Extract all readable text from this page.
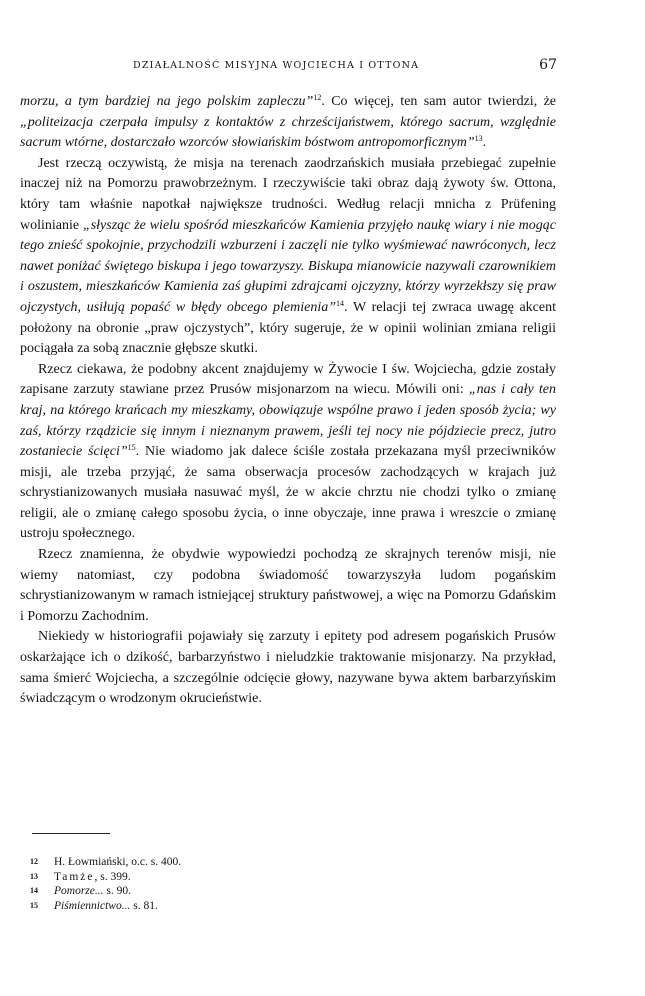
DZIAŁALNOŚĆ MISYJNA WOJCIECHA I OTTONA	67

morzu, a tym bardziej na jego polskim zapleczu”$^{12}$. Co więcej, ten sam autor twierdzi, że „politeizacja czerpała impulsy z kontaktów z chrześcijaństwem, którego sacrum, względnie sacrum wtórne, dostarczało wzorców słowiańskim bóstwom antropomorficznym”$^{13}$.

Jest rzeczą oczywistą, że misja na terenach zaodrzańskich musiała przebiegać zupełnie inaczej niż na Pomorzu prawobrzeżnym. I rzeczywiście taki obraz dają żywoty św. Ottona, który tam właśnie napotkał największe trudności. Według relacji mnicha z Prüfening wolinianie „słysząc że wielu spośród mieszkańców Kamienia przyjęło naukę wiary i nie mogąc tego znieść spokojnie, przychodzili wzburzeni i zaczęli nie tylko wyśmiewać nawróconych, lecz nawet poniżać świętego biskupa i jego towarzyszy. Biskupa mianowicie nazywali czarownikiem i oszustem, mieszkańców Kamienia zaś głupimi zdrajcami ojczyzny, którzy wyrzekłszy się praw ojczystych, usiłują popaść w błędy obcego plemienia”$^{14}$. W relacji tej zwraca uwagę akcent położony na obronie „praw ojczystych”, który sugeruje, że w opinii wolinian zmiana religii pociągała za sobą znacznie głębsze skutki.

Rzecz ciekawa, że podobny akcent znajdujemy w Żywocie I św. Wojciecha, gdzie zostały zapisane zarzuty stawiane przez Prusów misjonarzom na wiecu. Mówili oni: „nas i cały ten kraj, na którego krańcach my mieszkamy, obowiązuje wspólne prawo i jeden sposób życia; wy zaś, którzy rządzicie się innym i nieznanym prawem, jeśli tej nocy nie pójdziecie precz, jutro zostaniecie ścięci”$^{15}$. Nie wiadomo jak dalece ściśle została przekazana myśl przeciwników misji, ale trzeba przyjąć, że sama obserwacja procesów zachodzących w krajach już schrystianizowanych musiała nasuwać myśl, że w akcie chrztu nie chodzi tylko o zmianę religii, ale o zmianę całego sposobu życia, o inne obyczaje, inne prawa i wreszcie o zmianę ustroju społecznego.

Rzecz znamienna, że obydwie wypowiedzi pochodzą ze skrajnych terenów misji, nie wiemy natomiast, czy podobna świadomość towarzyszyła ludom pogańskim schrystianizowanym w ramach istniejącej struktury państwowej, a więc na Pomorzu Gdańskim i Pomorzu Zachodnim.

Niekiedy w historiografii pojawiały się zarzuty i epitety pod adresem pogańskich Prusów oskarżające ich o dzikość, barbarzyństwo i nieludzkie traktowanie misjonarzy. Na przykład, sama śmierć Wojciecha, a szczególnie odcięcie głowy, nazywane bywa aktem barbarzyńskim świadczącym o wrodzonym okrucieństwie.

12	H. Łowmiański, o.c. s. 400.
13	Tamże, s. 399.
14	Pomorze... s. 90.
15	Piśmiennictwo... s. 81.
